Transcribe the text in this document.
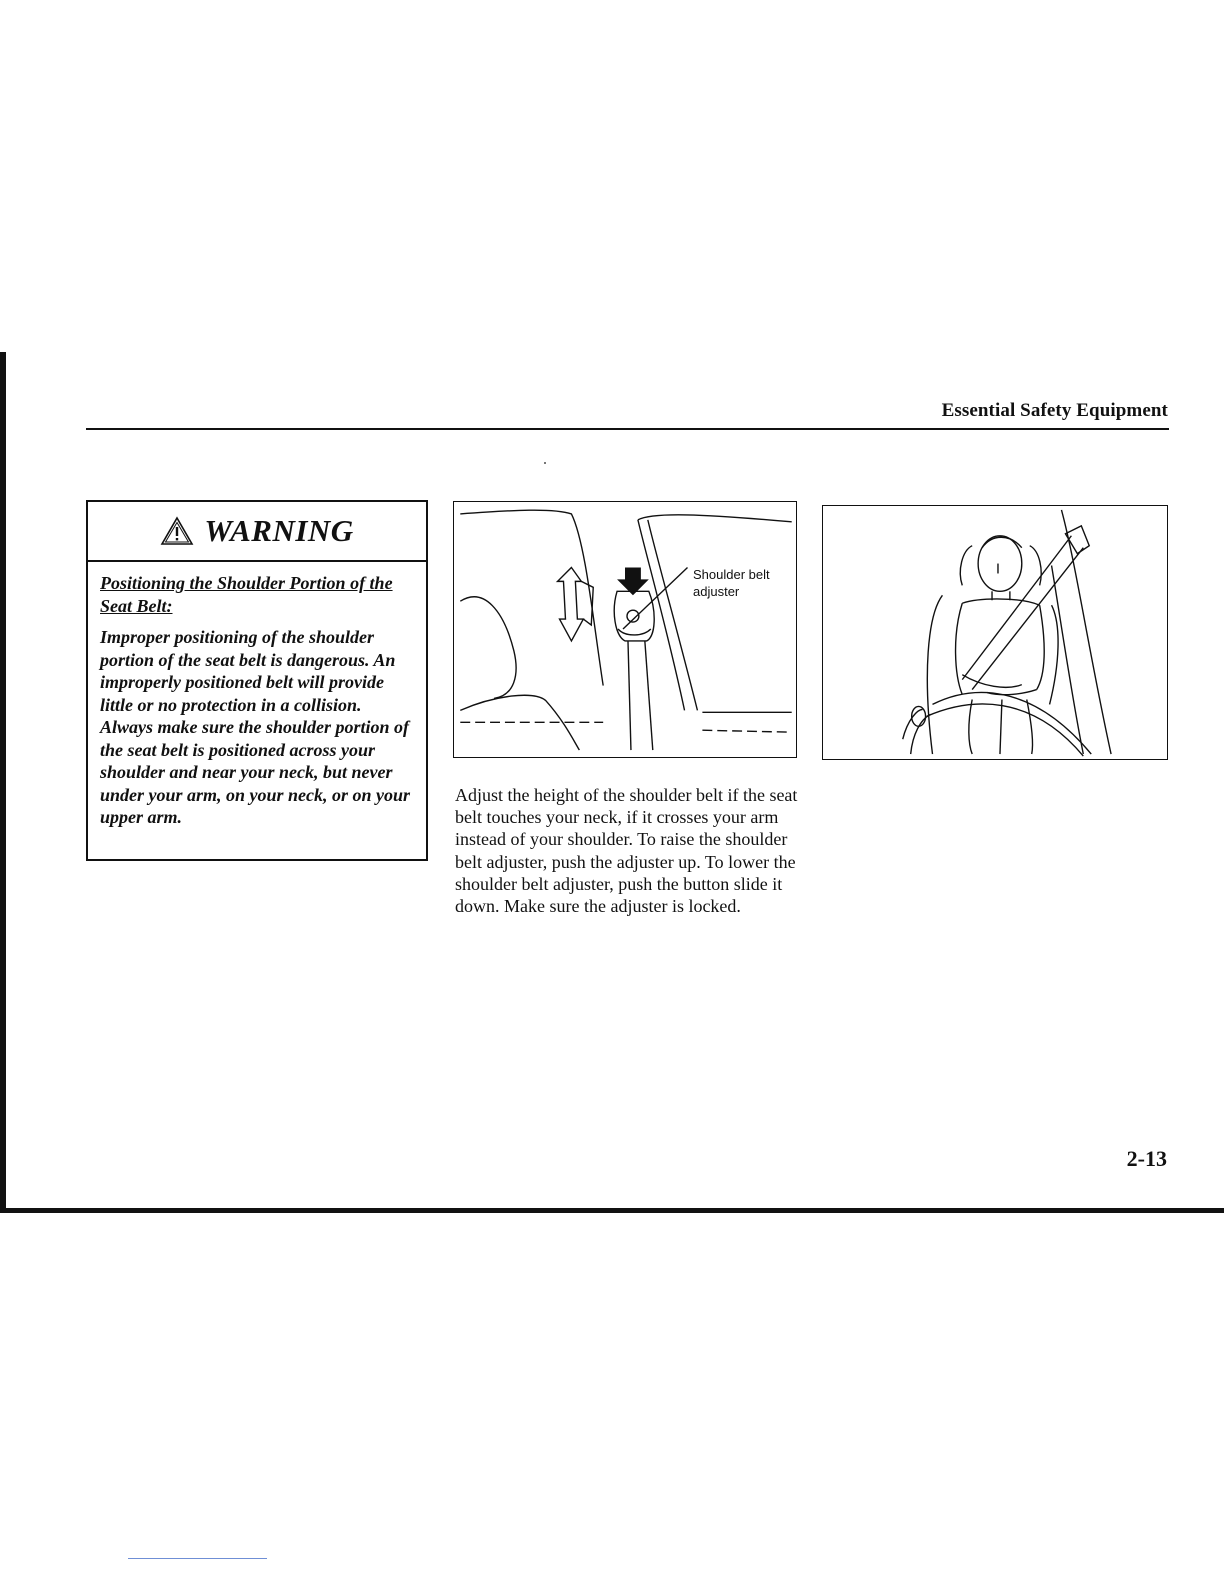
Essential Safety Equipment
WARNING

Positioning the Shoulder Portion of the Seat Belt:

Improper positioning of the shoulder portion of the seat belt is dangerous. An improperly positioned belt will provide little or no protection in a collision. Always make sure the shoulder portion of the seat belt is positioned across your shoulder and near your neck, but never under your arm, on your neck, or on your upper arm.

Shoulder belt adjuster

Adjust the height of the shoulder belt if the seat belt touches your neck, if it crosses your arm instead of your shoulder. To raise the shoulder belt adjuster, push the adjuster up. To lower the shoulder belt adjuster, push the button slide it down. Make sure the adjuster is locked.

2-13
